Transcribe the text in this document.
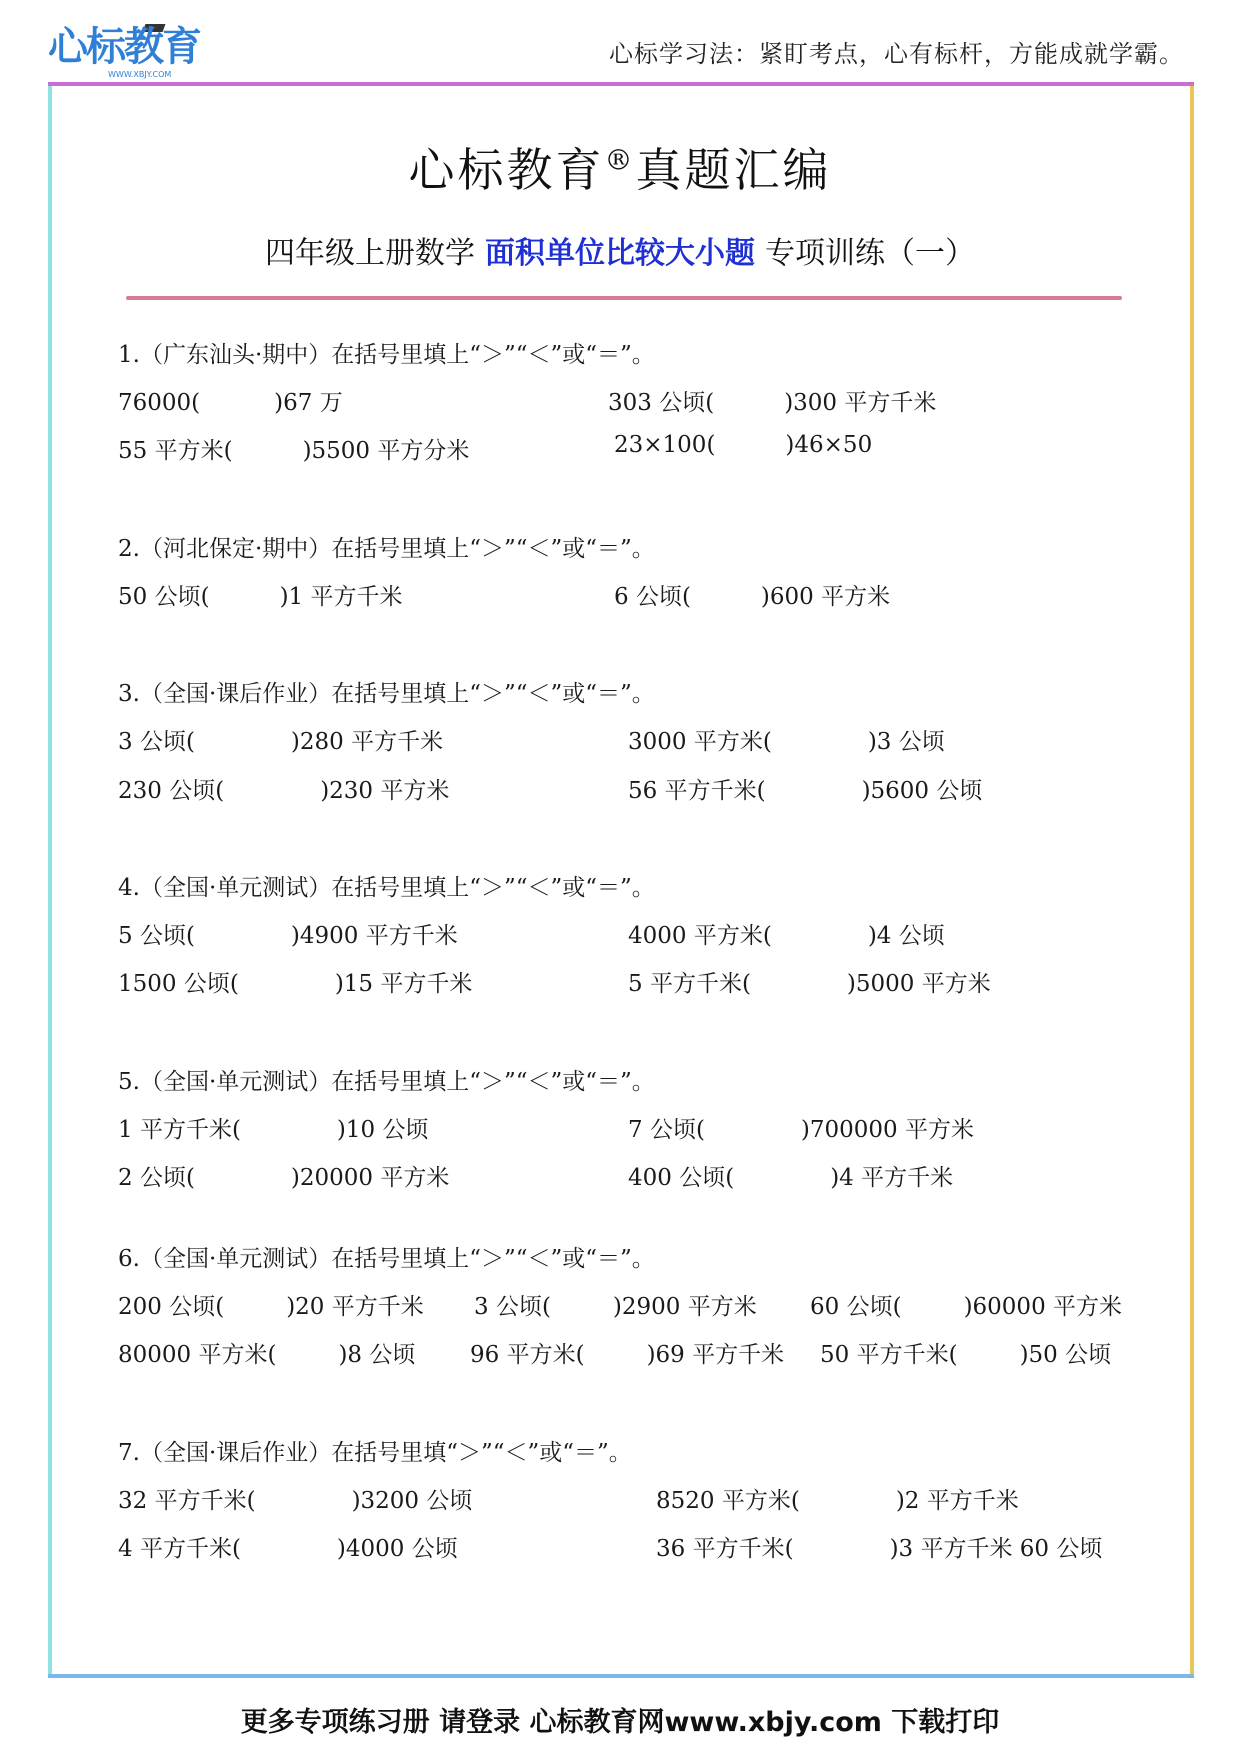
心标教育
WWW.XBJY.COM
心标学习法：紧盯考点，心有标杆，方能成就学霸。
心标教育®真题汇编
四年级上册数学 面积单位比较大小题 专项训练（一）
1.（广东汕头·期中）在括号里填上“＞”“＜”或“＝”。
76000(	)67 万	303 公顷(	)300 平方千米
55 平方米(	)5500 平方分米	23×100(	)46×50
2.（河北保定·期中）在括号里填上“＞”“＜”或“＝”。
50 公顷(	)1 平方千米	6 公顷(	)600 平方米
3.（全国·课后作业）在括号里填上“＞”“＜”或“＝”。
3 公顷(	)280 平方千米	3000 平方米(	)3 公顷
230 公顷(	)230 平方米	56 平方千米(	)5600 公顷
4.（全国·单元测试）在括号里填上“＞”“＜”或“＝”。
5 公顷(	)4900 平方千米	4000 平方米(	)4 公顷
1500 公顷(	)15 平方千米	5 平方千米(	)5000 平方米
5.（全国·单元测试）在括号里填上“＞”“＜”或“＝”。
1 平方千米(	)10 公顷	7 公顷(	)700000 平方米
2 公顷(	)20000 平方米	400 公顷(	)4 平方千米
6.（全国·单元测试）在括号里填上“＞”“＜”或“＝”。
200 公顷(	)20 平方千米 3 公顷(	)2900 平方米 60 公顷(	)60000 平方米
80000 平方米(	)8 公顷 96 平方米(	)69 平方千米 50 平方千米(	)50 公顷
7.（全国·课后作业）在括号里填“＞”“＜”或“＝”。
32 平方千米(	)3200 公顷	8520 平方米(	)2 平方千米
4 平方千米(	)4000 公顷	36 平方千米(	)3 平方千米 60 公顷
更多专项练习册 请登录 心标教育网www.xbjy.com 下载打印
